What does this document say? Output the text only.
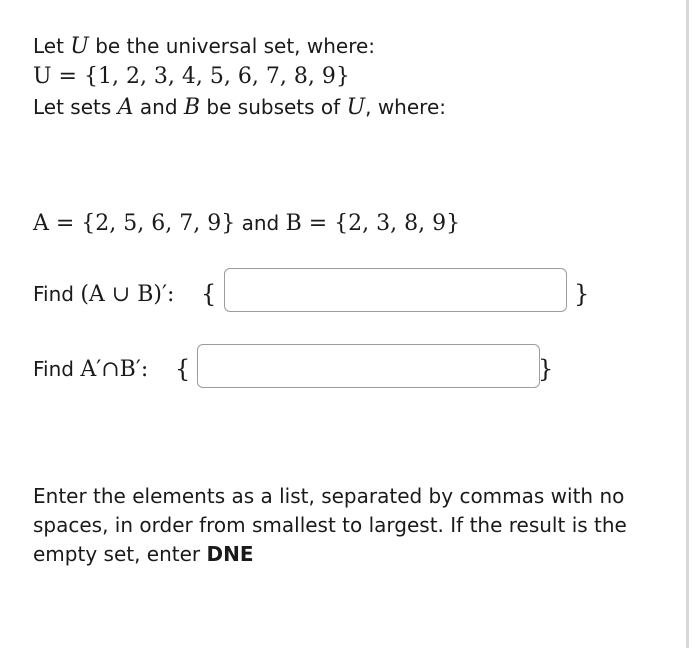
Let U be the universal set, where:
U = {1, 2, 3, 4, 5, 6, 7, 8, 9}
Let sets A and B be subsets of U, where:
A = {2, 5, 6, 7, 9} and B = {2, 3, 8, 9}
Find (A ∪ B)′: {	}
Find A′∩B′: {	}
Enter the elements as a list, separated by commas with no spaces, in order from smallest to largest. If the result is the empty set, enter DNE
